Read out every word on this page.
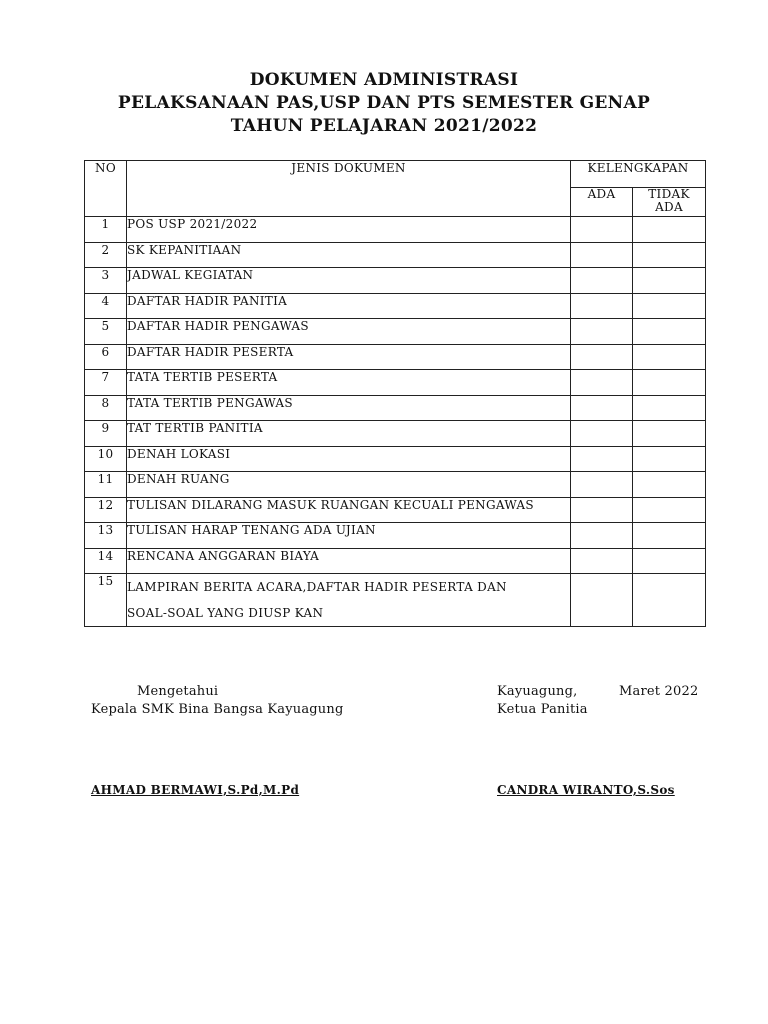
DOKUMEN ADMINISTRASI
PELAKSANAAN PAS,USP DAN PTS SEMESTER GENAP
TAHUN PELAJARAN 2021/2022
NO	JENIS DOKUMEN	KELENGKAPAN	
		ADA	TIDAK
ADA
1	POS USP 2021/2022		
2	SK KEPANITIAAN		
3	JADWAL KEGIATAN		
4	DAFTAR HADIR PANITIA		
5	DAFTAR HADIR PENGAWAS		
6	DAFTAR HADIR PESERTA		
7	TATA TERTIB PESERTA		
8	TATA TERTIB PENGAWAS		
9	TAT TERTIB PANITIA		
10	DENAH LOKASI		
11	DENAH RUANG		
12	TULISAN DILARANG MASUK RUANGAN KECUALI PENGAWAS		
13	TULISAN HARAP TENANG ADA UJIAN		
14	RENCANA ANGGARAN BIAYA		
15	LAMPIRAN BERITA ACARA,DAFTAR HADIR PESERTA DAN
SOAL-SOAL YANG DIUSP KAN		
Mengetahui
Kepala SMK Bina Bangsa Kayuagung
AHMAD BERMAWI,S.Pd,M.Pd
Kayuagung,	Maret 2022
Ketua Panitia
CANDRA WIRANTO,S.Sos
